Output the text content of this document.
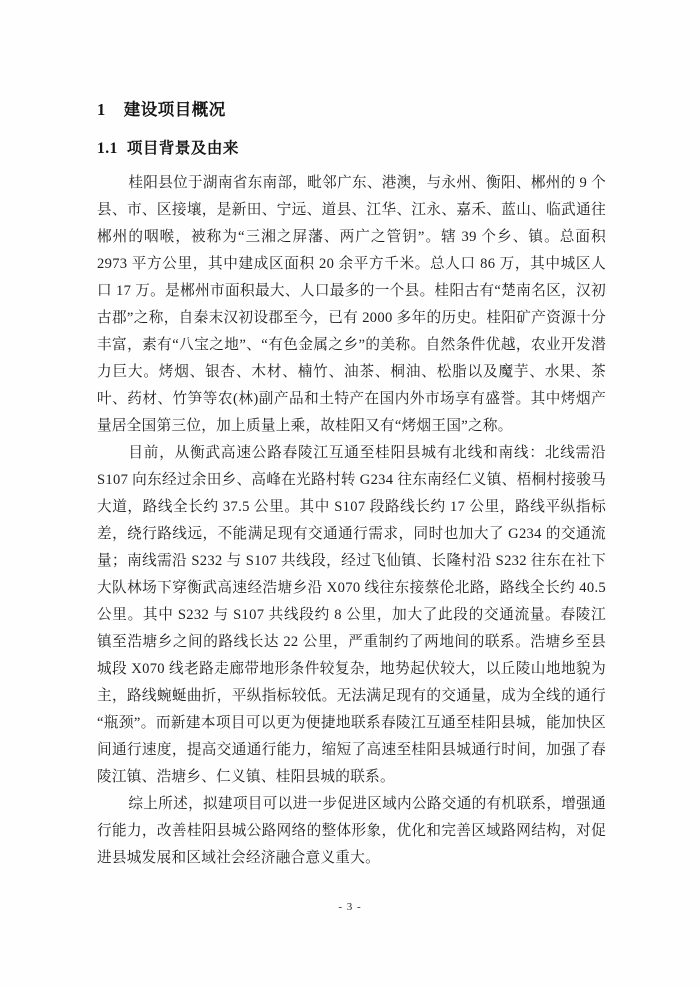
1 建设项目概况
1.1 项目背景及由来

桂阳县位于湖南省东南部，毗邻广东、港澳，与永州、衡阳、郴州的 9 个县、市、区接壤，是新田、宁远、道县、江华、江永、嘉禾、蓝山、临武通往郴州的咽喉，被称为“三湘之屏藩、两广之管钥”。辖 39 个乡、镇。总面积 2973 平方公里，其中建成区面积 20 余平方千米。总人口 86 万，其中城区人口 17 万。是郴州市面积最大、人口最多的一个县。桂阳古有“楚南名区，汉初古郡”之称，自秦末汉初设郡至今，已有 2000 多年的历史。桂阳矿产资源十分丰富，素有“八宝之地”、“有色金属之乡”的美称。自然条件优越，农业开发潜力巨大。烤烟、银杏、木材、楠竹、油茶、桐油、松脂以及魔芋、水果、茶叶、药材、竹笋等农(林)副产品和土特产在国内外市场享有盛誉。其中烤烟产量居全国第三位，加上质量上乘，故桂阳又有“烤烟王国”之称。

目前，从衡武高速公路春陵江互通至桂阳县城有北线和南线：北线需沿 S107 向东经过余田乡、高峰在光路村转 G234 往东南经仁义镇、梧桐村接骏马大道，路线全长约 37.5 公里。其中 S107 段路线长约 17 公里，路线平纵指标差，绕行路线远，不能满足现有交通通行需求，同时也加大了 G234 的交通流量；南线需沿 S232 与 S107 共线段，经过飞仙镇、长隆村沿 S232 往东在社下大队林场下穿衡武高速经浩塘乡沿 X070 线往东接蔡伦北路，路线全长约 40.5 公里。其中 S232 与 S107 共线段约 8 公里，加大了此段的交通流量。春陵江镇至浩塘乡之间的路线长达 22 公里，严重制约了两地间的联系。浩塘乡至县城段 X070 线老路走廊带地形条件较复杂，地势起伏较大，以丘陵山地地貌为主，路线蜿蜒曲折，平纵指标较低。无法满足现有的交通量，成为全线的通行“瓶颈”。而新建本项目可以更为便捷地联系春陵江互通至桂阳县城，能加快区间通行速度，提高交通通行能力，缩短了高速至桂阳县城通行时间，加强了春陵江镇、浩塘乡、仁义镇、桂阳县城的联系。

综上所述，拟建项目可以进一步促进区域内公路交通的有机联系，增强通行能力，改善桂阳县城公路网络的整体形象，优化和完善区域路网结构，对促进县城发展和区域社会经济融合意义重大。

- 3 -
